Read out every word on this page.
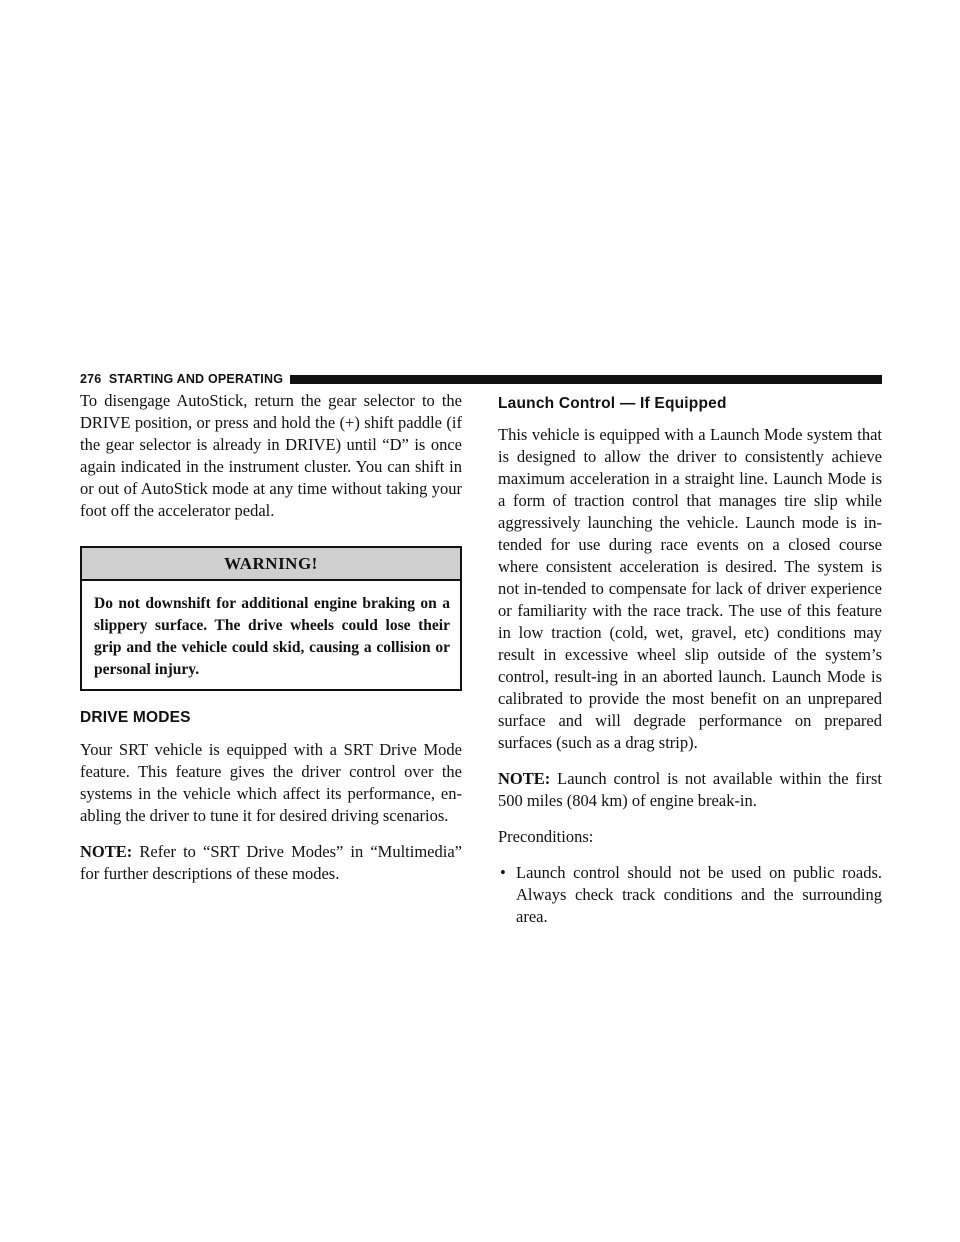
276 STARTING AND OPERATING

To disengage AutoStick, return the gear selector to the DRIVE position, or press and hold the (+) shift paddle (if the gear selector is already in DRIVE) until “D” is once again indicated in the instrument cluster. You can shift in or out of AutoStick mode at any time without taking your foot off the accelerator pedal.

WARNING!
Do not downshift for additional engine braking on a slippery surface. The drive wheels could lose their grip and the vehicle could skid, causing a collision or personal injury.
DRIVE MODES

Your SRT vehicle is equipped with a SRT Drive Mode feature. This feature gives the driver control over the systems in the vehicle which affect its performance, en-abling the driver to tune it for desired driving scenarios.

NOTE: Refer to “SRT Drive Modes” in “Multimedia” for further descriptions of these modes.

Launch Control — If Equipped

This vehicle is equipped with a Launch Mode system that is designed to allow the driver to consistently achieve maximum acceleration in a straight line. Launch Mode is a form of traction control that manages tire slip while aggressively launching the vehicle. Launch mode is in-tended for use during race events on a closed course where consistent acceleration is desired. The system is not in-tended to compensate for lack of driver experience or familiarity with the race track. The use of this feature in low traction (cold, wet, gravel, etc) conditions may result in excessive wheel slip outside of the system’s control, result-ing in an aborted launch. Launch Mode is calibrated to provide the most benefit on an unprepared surface and will degrade performance on prepared surfaces (such as a drag strip).

NOTE: Launch control is not available within the first 500 miles (804 km) of engine break-in.

Preconditions:

• Launch control should not be used on public roads. Always check track conditions and the surrounding area.
